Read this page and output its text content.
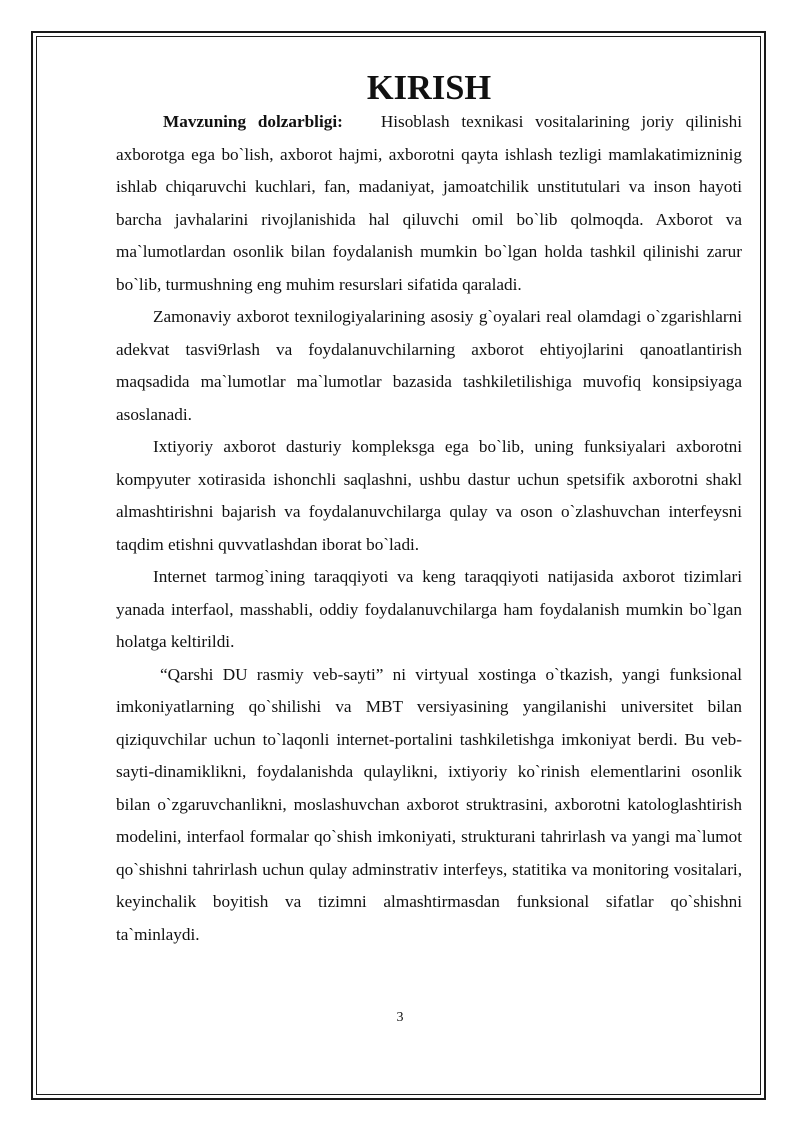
KIRISH

Mavzuning dolzarbligi: Hisoblash texnikasi vositalarining joriy qilinishi axborotga ega bo`lish, axborot hajmi, axborotni qayta ishlash tezligi mamlakatimizninig ishlab chiqaruvchi kuchlari, fan, madaniyat, jamoatchilik unstitutulari va inson hayoti barcha javhalarini rivojlanishida hal qiluvchi omil bo`lib qolmoqda. Axborot va ma`lumotlardan osonlik bilan foydalanish mumkin bo`lgan holda tashkil qilinishi zarur bo`lib, turmushning eng muhim resurslari sifatida qaraladi.

Zamonaviy axborot texnilogiyalarining asosiy g`oyalari real olamdagi o`zgarishlarni adekvat tasvi9rlash va foydalanuvchilarning axborot ehtiyojlarini qanoatlantirish maqsadida ma`lumotlar ma`lumotlar bazasida tashkiletilishiga muvofiq konsipsiyaga asoslanadi.

Ixtiyoriy axborot dasturiy kompleksga ega bo`lib, uning funksiyalari axborotni kompyuter xotirasida ishonchli saqlashni, ushbu dastur uchun spetsifik axborotni shakl almashtirishni bajarish va foydalanuvchilarga qulay va oson o`zlashuvchan interfeysni taqdim etishni quvvatlashdan iborat bo`ladi.

Internet tarmog`ining taraqqiyoti va keng taraqqiyoti natijasida axborot tizimlari yanada interfaol, masshabli, oddiy foydalanuvchilarga ham foydalanish mumkin bo`lgan holatga keltirildi.

“Qarshi DU rasmiy veb-sayti” ni virtyual xostinga o`tkazish, yangi funksional imkoniyatlarning qo`shilishi va MBT versiyasining yangilanishi universitet bilan qiziquvchilar uchun to`laqonli internet-portalini tashkiletishga imkoniyat berdi. Bu veb-sayti-dinamiklikni, foydalanishda qulaylikni, ixtiyoriy ko`rinish elementlarini osonlik bilan o`zgaruvchanlikni, moslashuvchan axborot struktrasini, axborotni katologlashtirish modelini, interfaol formalar qo`shish imkoniyati, strukturani tahrirlash va yangi ma`lumot qo`shishni tahrirlash uchun qulay adminstrativ interfeys, statitika va monitoring vositalari, keyinchalik boyitish va tizimni almashtirmasdan funksional sifatlar qo`shishni ta`minlaydi.

3
